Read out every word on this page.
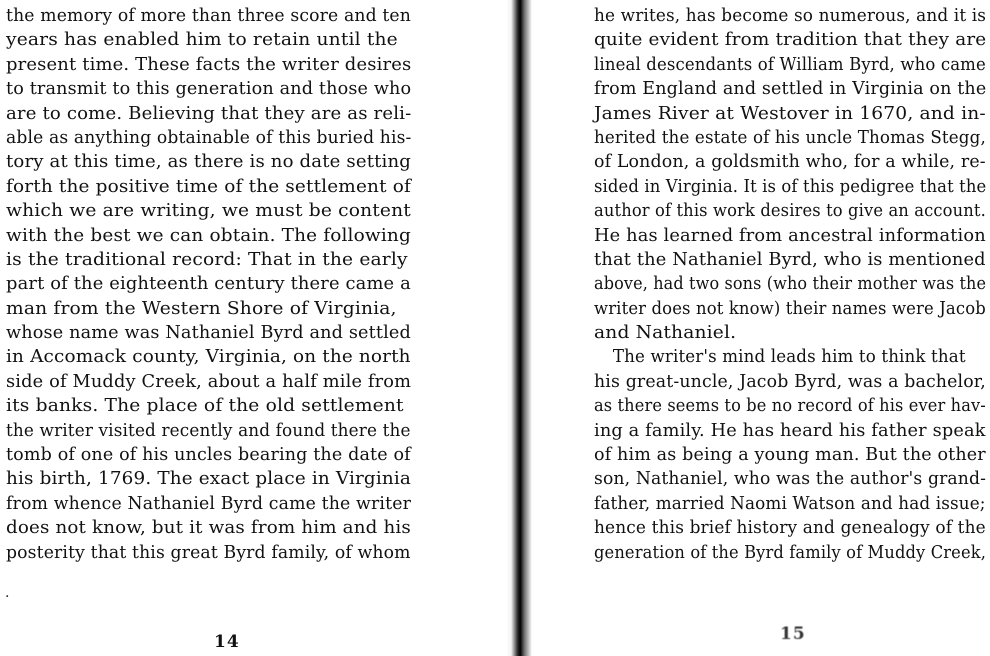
the memory of more than three score and ten
years has enabled him to retain until the
present time. These facts the writer desires
to transmit to this generation and those who
are to come. Believing that they are as reli-
able as anything obtainable of this buried his-
tory at this time, as there is no date setting
forth the positive time of the settlement of
which we are writing, we must be content
with the best we can obtain. The following
is the traditional record: That in the early
part of the eighteenth century there came a
man from the Western Shore of Virginia,
whose name was Nathaniel Byrd and settled
in Accomack county, Virginia, on the north
side of Muddy Creek, about a half mile from
its banks. The place of the old settlement
the writer visited recently and found there the
tomb of one of his uncles bearing the date of
his birth, 1769. The exact place in Virginia
from whence Nathaniel Byrd came the writer
does not know, but it was from him and his
posterity that this great Byrd family, of whom
.
14
he writes, has become so numerous, and it is
quite evident from tradition that they are
lineal descendants of William Byrd, who came
from England and settled in Virginia on the
James River at Westover in 1670, and in-
herited the estate of his uncle Thomas Stegg,
of London, a goldsmith who, for a while, re-
sided in Virginia. It is of this pedigree that the
author of this work desires to give an account.
He has learned from ancestral information
that the Nathaniel Byrd, who is mentioned
above, had two sons (who their mother was the
writer does not know) their names were Jacob
and Nathaniel.
The writer's mind leads him to think that
his great-uncle, Jacob Byrd, was a bachelor,
as there seems to be no record of his ever hav-
ing a family. He has heard his father speak
of him as being a young man. But the other
son, Nathaniel, who was the author's grand-
father, married Naomi Watson and had issue;
hence this brief history and genealogy of the
generation of the Byrd family of Muddy Creek,
15
